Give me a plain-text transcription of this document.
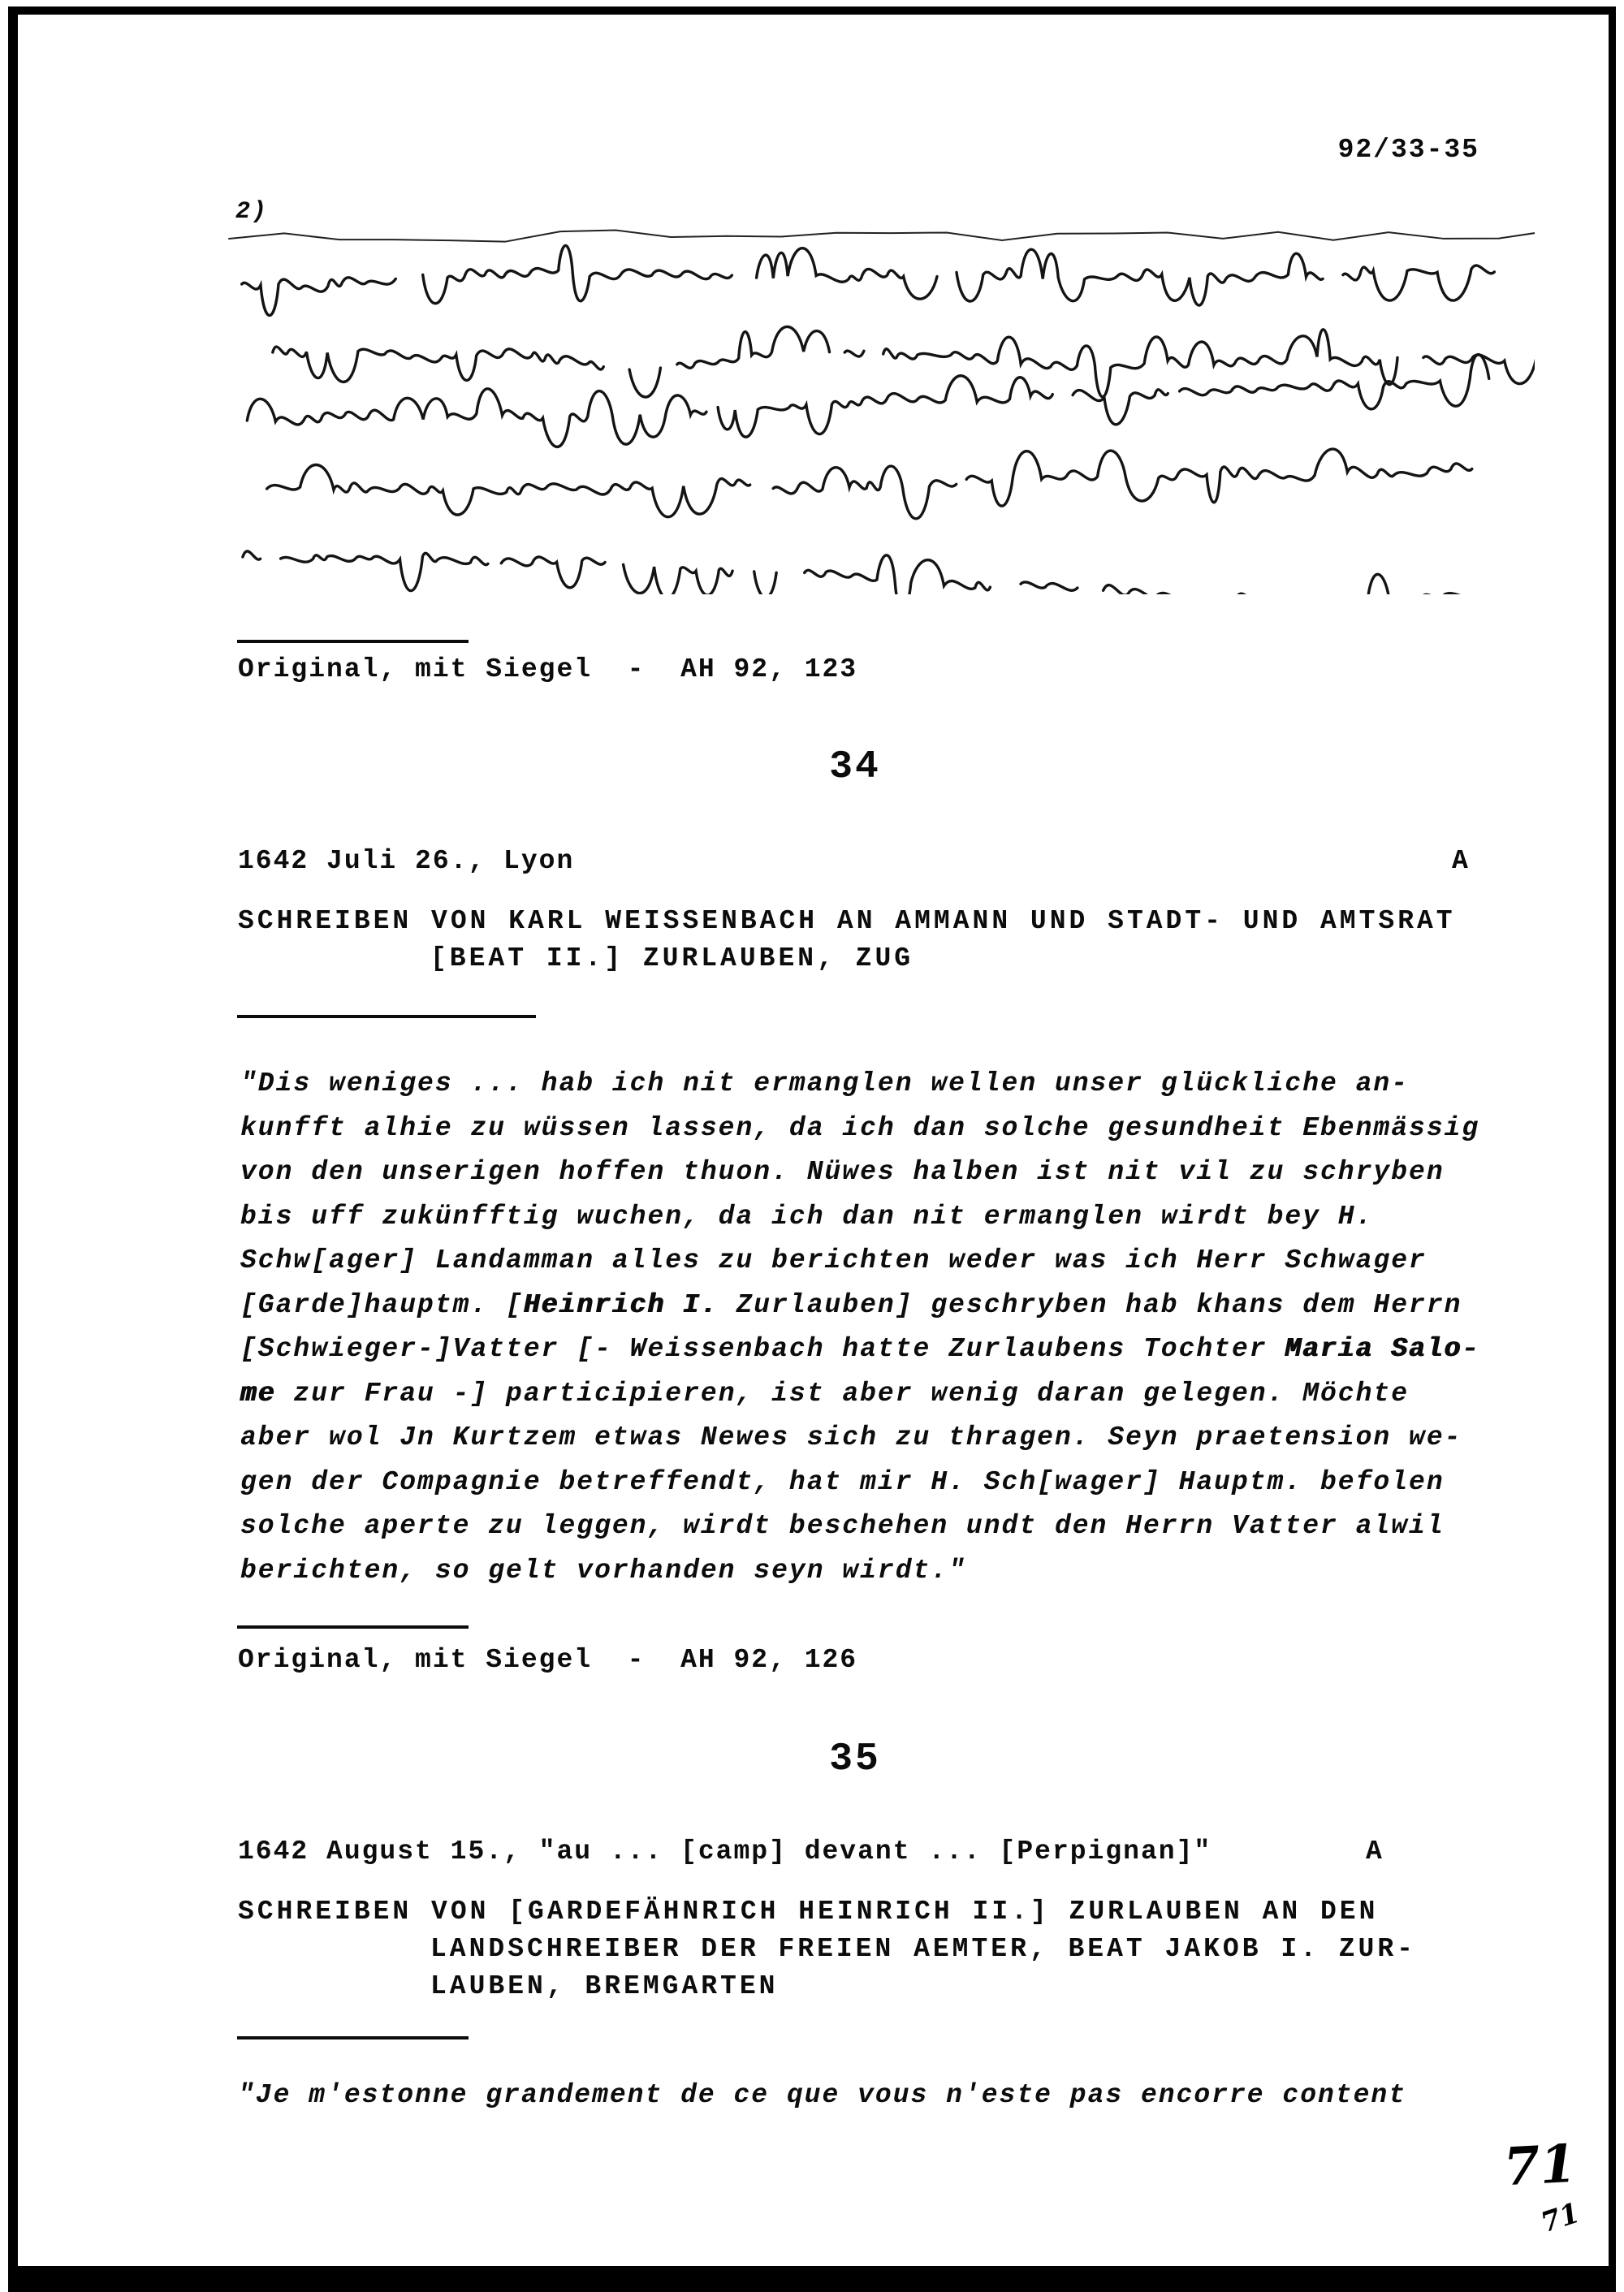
92/33-35
2)
Original, mit Siegel  -  AH 92, 123
34
1642 Juli 26., Lyon	A
SCHREIBEN VON KARL WEISSENBACH AN AMMANN UND STADT- UND AMTSRAT
[BEAT II.] ZURLAUBEN, ZUG
"Dis weniges ... hab ich nit ermanglen wellen unser glückliche an-
kunfft alhie zu wüssen lassen, da ich dan solche gesundheit Ebenmässig
von den unserigen hoffen thuon. Nüwes halben ist nit vil zu schryben
bis uff zukünfftig wuchen, da ich dan nit ermanglen wirdt bey H.
Schw[ager] Landamman alles zu berichten weder was ich Herr Schwager
[Garde]hauptm. [Heinrich I. Zurlauben] geschryben hab khans dem Herrn
[Schwieger-]Vatter [- Weissenbach hatte Zurlaubens Tochter Maria Salo-
me zur Frau -] participieren, ist aber wenig daran gelegen. Möchte
aber wol Jn Kurtzem etwas Newes sich zu thragen. Seyn praetension we-
gen der Compagnie betreffendt, hat mir H. Sch[wager] Hauptm. befolen
solche aperte zu leggen, wirdt beschehen undt den Herrn Vatter alwil
berichten, so gelt vorhanden seyn wirdt."
Original, mit Siegel  -  AH 92, 126
35
1642 August 15., "au ... [camp] devant ... [Perpignan]"	A
SCHREIBEN VON [GARDEFÄHNRICH HEINRICH II.] ZURLAUBEN AN DEN
LANDSCHREIBER DER FREIEN AEMTER, BEAT JAKOB I. ZUR-
LAUBEN, BREMGARTEN
"Je m'estonne grandement de ce que vous n'este pas encorre content
71
71
